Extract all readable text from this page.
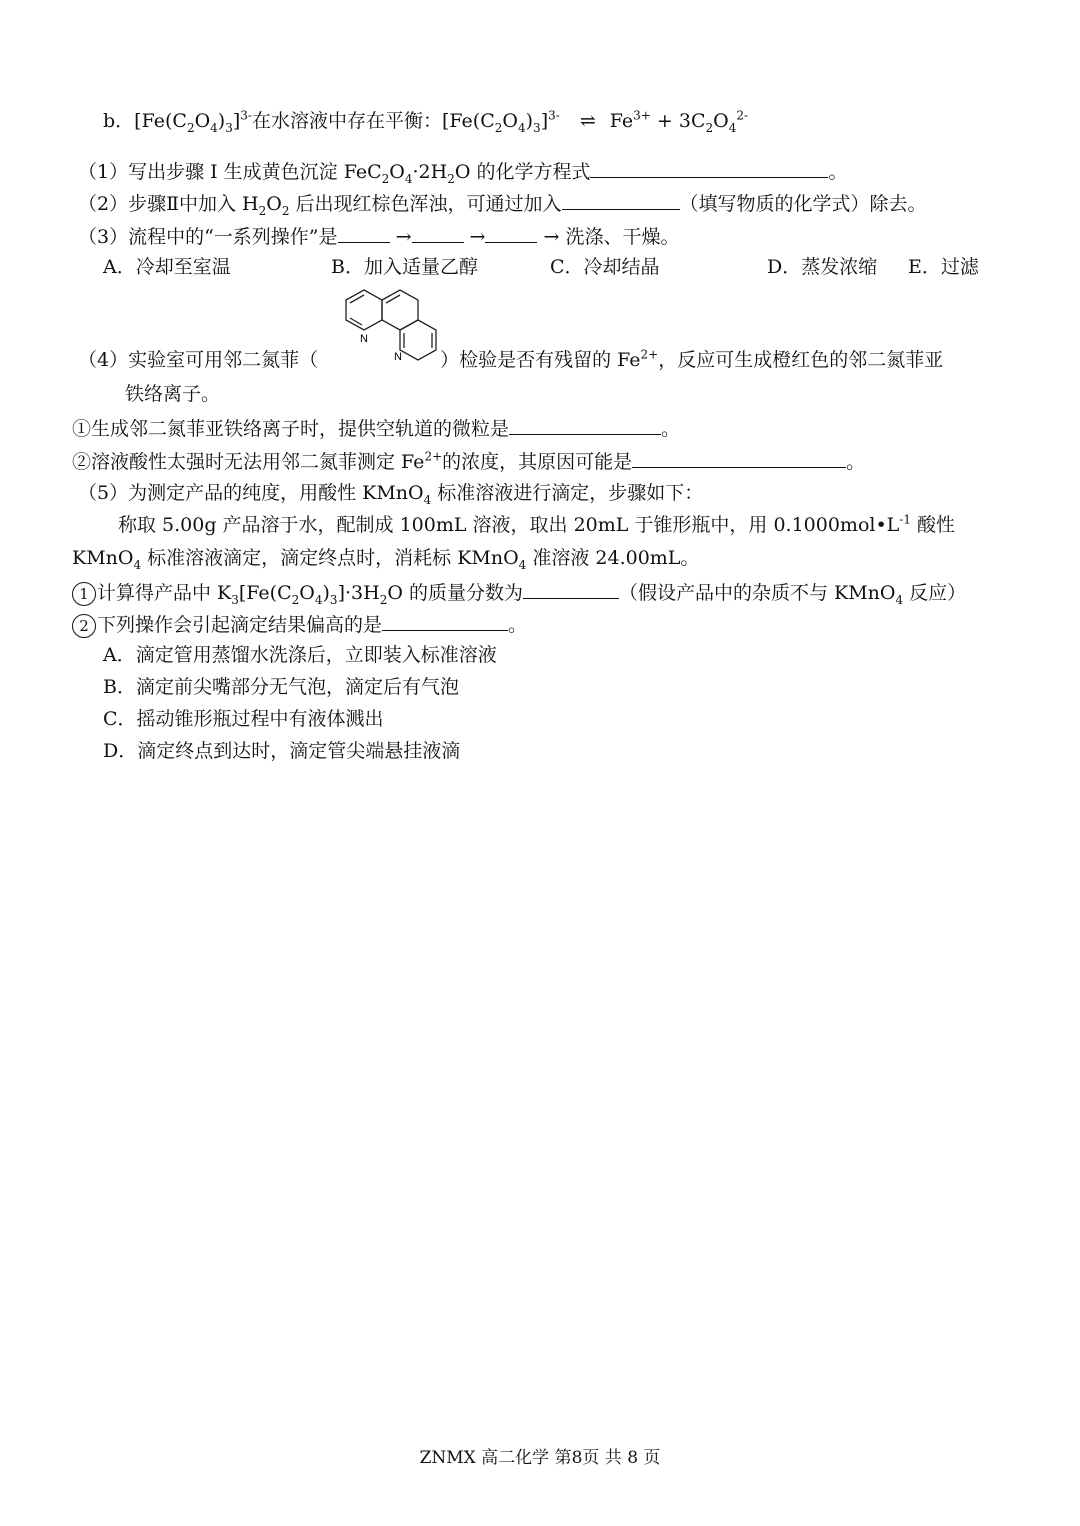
b．$[Fe(C_2O_4)_3]^{3-}$在水溶液中存在平衡：$[Fe(C_2O_4)_3]^{3-}$ ⇌ $Fe^{3+} + 3C_2O_4^{2-}$
（1）写出步骤 I 生成黄色沉淀 $FeC_2O_4\cdot 2H_2O$ 的化学方程式	。
（2）步骤Ⅱ中加入 $H_2O_2$ 后出现红棕色浑浊，可通过加入	（填写物质的化学式）除去。
（3）流程中的“一系列操作”是	→	→	→ 洗涤、干燥。
A．冷却至室温	B．加入适量乙醇	C．冷却结晶	D．蒸发浓缩 E．过滤
N
N
（4）实验室可用邻二氮菲（	）检验是否有残留的 $Fe^{2+}$，反应可生成橙红色的邻二氮菲亚
铁络离子。
①生成邻二氮菲亚铁络离子时，提供空轨道的微粒是	。
②溶液酸性太强时无法用邻二氮菲测定 $Fe^{2+}$的浓度，其原因可能是	。
（5）为测定产品的纯度，用酸性 KMnO$_4$ 标准溶液进行滴定，步骤如下：
称取 5.00g 产品溶于水，配制成 100mL 溶液，取出 20mL 于锥形瓶中，用 $0.1000mol•L^{-1}$ 酸性
KMnO$_4$ 标准溶液滴定，滴定终点时，消耗标 KMnO$_4$ 准溶液 24.00mL。
1 计算得产品中 $K_3[Fe(C_2O_4)_3]\cdot 3H_2O$ 的质量分数为	（假设产品中的杂质不与 KMnO$_4$ 反应）
2 下列操作会引起滴定结果偏高的是	。
A．滴定管用蒸馏水洗涤后，立即装入标准溶液
B．滴定前尖嘴部分无气泡，滴定后有气泡
C．摇动锥形瓶过程中有液体溅出
D．滴定终点到达时，滴定管尖端悬挂液滴
ZNMX 高二化学 第8页 共 8 页
